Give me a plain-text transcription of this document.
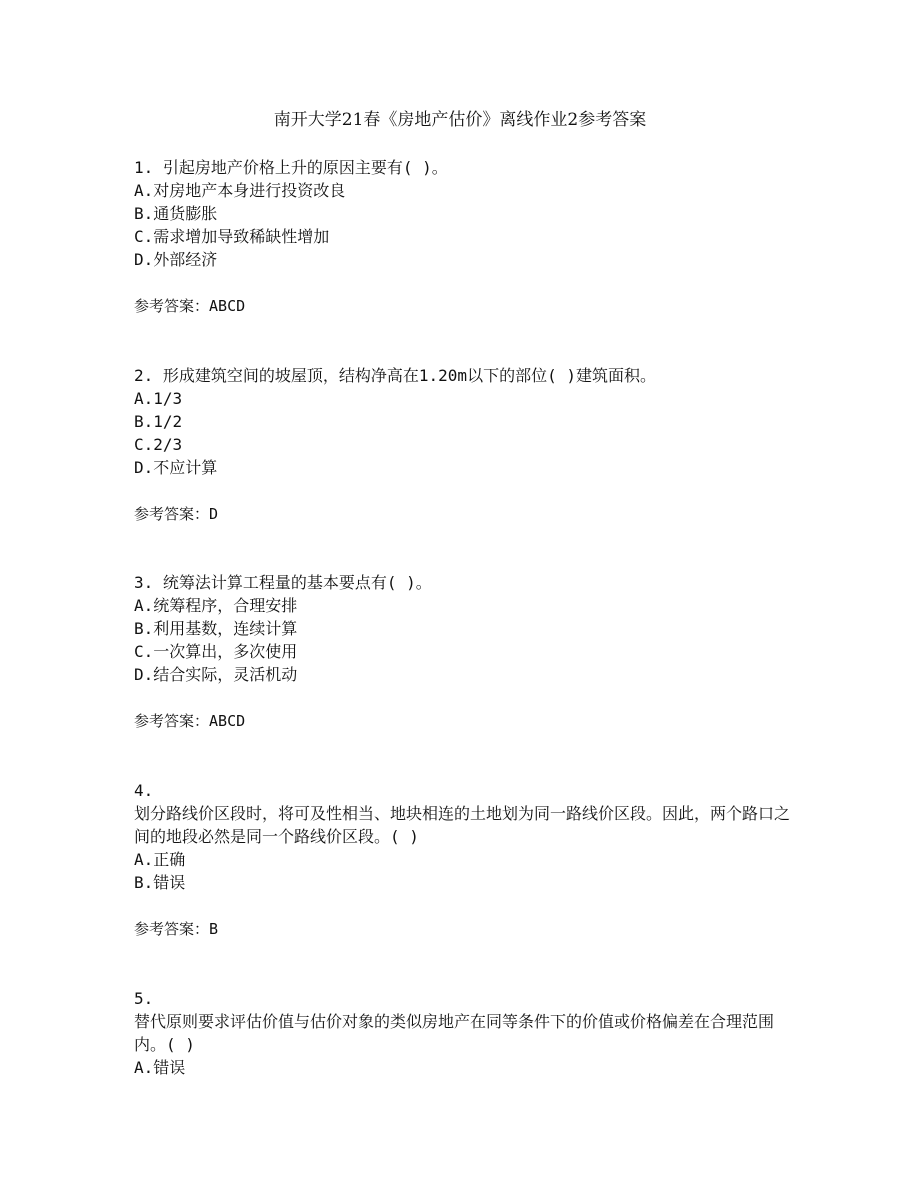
南开大学21春《房地产估价》离线作业2参考答案
1. 引起房地产价格上升的原因主要有( )。
A.对房地产本身进行投资改良
B.通货膨胀
C.需求增加导致稀缺性增加
D.外部经济
参考答案：ABCD
2. 形成建筑空间的坡屋顶，结构净高在1.20m以下的部位( )建筑面积。
A.1/3
B.1/2
C.2/3
D.不应计算
参考答案：D
3. 统筹法计算工程量的基本要点有( )。
A.统筹程序，合理安排
B.利用基数，连续计算
C.一次算出，多次使用
D.结合实际，灵活机动
参考答案：ABCD
4.
划分路线价区段时，将可及性相当、地块相连的土地划为同一路线价区段。因此，两个路口之间的地段必然是同一个路线价区段。( )
A.正确
B.错误
参考答案：B
5.
替代原则要求评估价值与估价对象的类似房地产在同等条件下的价值或价格偏差在合理范围内。( )
A.错误
